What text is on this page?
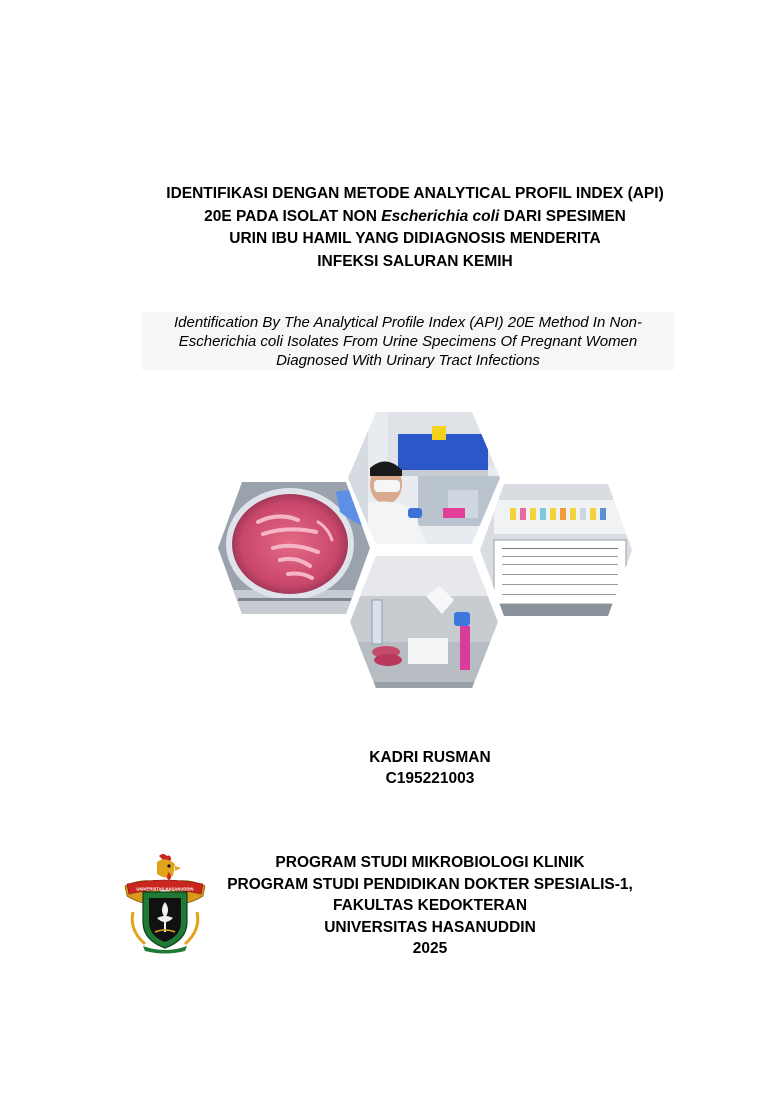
IDENTIFIKASI DENGAN METODE ANALYTICAL PROFIL INDEX (API)
20E PADA ISOLAT NON Escherichia coli DARI SPESIMEN
URIN IBU HAMIL YANG DIDIAGNOSIS MENDERITA
INFEKSI SALURAN KEMIH
Identification By The Analytical Profile Index (API) 20E Method In Non-
Escherichia coli Isolates From Urine Specimens Of Pregnant Women
Diagnosed With Urinary Tract Infections
KADRI RUSMAN
C195221003
UNIVERSITAS HASANUDDIN
PROGRAM STUDI MIKROBIOLOGI KLINIK
PROGRAM STUDI PENDIDIKAN DOKTER SPESIALIS-1,
FAKULTAS KEDOKTERAN
UNIVERSITAS HASANUDDIN
2025
